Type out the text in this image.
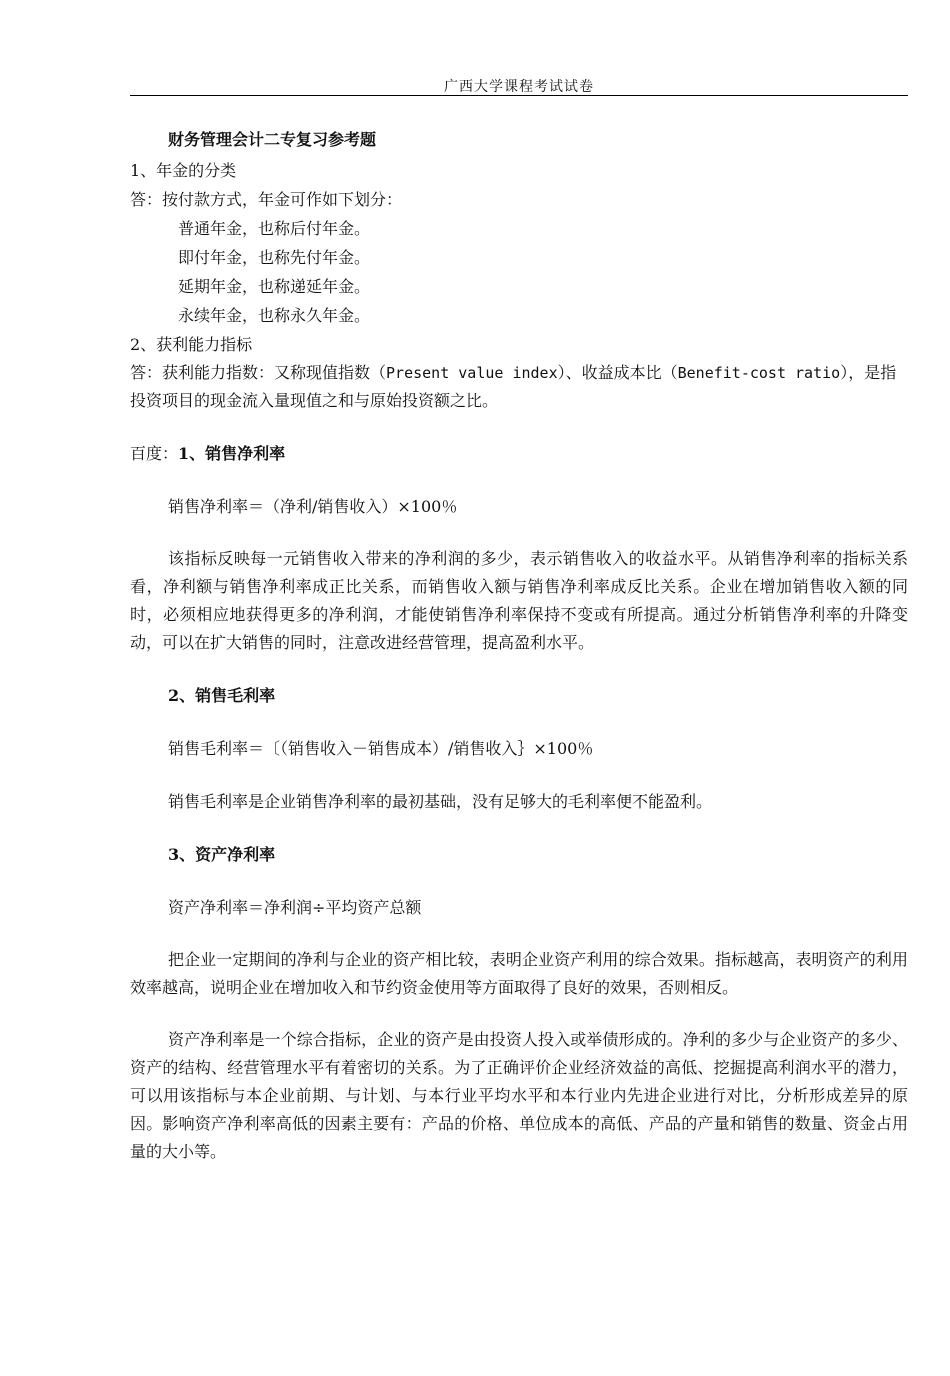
广西大学课程考试试卷
财务管理会计二专复习参考题
1、年金的分类
答：按付款方式，年金可作如下划分：
普通年金，也称后付年金。
即付年金，也称先付年金。
延期年金，也称递延年金。
永续年金，也称永久年金。
2、获利能力指标
答：获利能力指数：又称现值指数（Present value index）、收益成本比（Benefit-cost ratio），是指投资项目的现金流入量现值之和与原始投资额之比。
百度：1、销售净利率
销售净利率＝（净利/销售收入）×100％
该指标反映每一元销售收入带来的净利润的多少，表示销售收入的收益水平。从销售净利率的指标关系看，净利额与销售净利率成正比关系，而销售收入额与销售净利率成反比关系。企业在增加销售收入额的同时，必须相应地获得更多的净利润，才能使销售净利率保持不变或有所提高。通过分析销售净利率的升降变动，可以在扩大销售的同时，注意改进经营管理，提高盈利水平。
2、销售毛利率
销售毛利率＝〔（销售收入－销售成本）/销售收入｝×100％
销售毛利率是企业销售净利率的最初基础，没有足够大的毛利率便不能盈利。
3、资产净利率
资产净利率＝净利润÷平均资产总额
把企业一定期间的净利与企业的资产相比较，表明企业资产利用的综合效果。指标越高，表明资产的利用效率越高，说明企业在增加收入和节约资金使用等方面取得了良好的效果，否则相反。
资产净利率是一个综合指标，企业的资产是由投资人投入或举债形成的。净利的多少与企业资产的多少、资产的结构、经营管理水平有着密切的关系。为了正确评价企业经济效益的高低、挖掘提高利润水平的潜力，可以用该指标与本企业前期、与计划、与本行业平均水平和本行业内先进企业进行对比，分析形成差异的原因。影响资产净利率高低的因素主要有：产品的价格、单位成本的高低、产品的产量和销售的数量、资金占用量的大小等。
